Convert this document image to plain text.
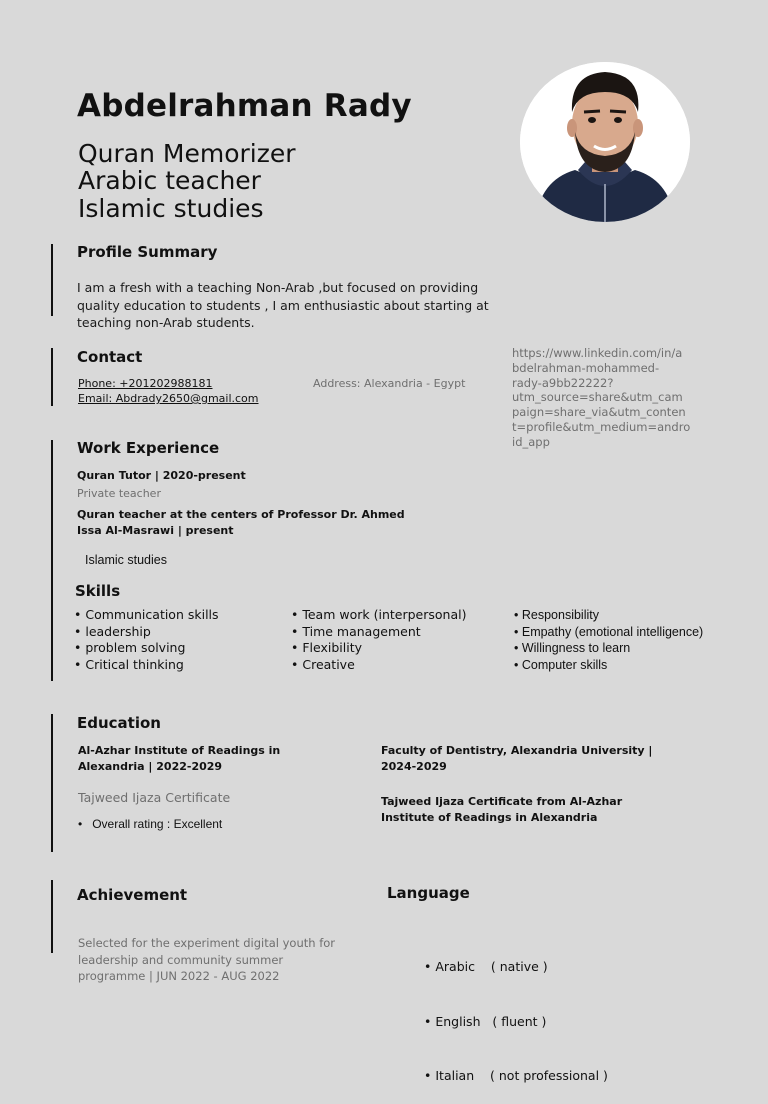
Abdelrahman Rady
Quran Memorizer
Arabic teacher
Islamic studies
Profile Summary
I am a fresh with a teaching Non-Arab ,but focused on providing
quality education to students , I am enthusiastic about starting at
teaching non-Arab students.
Contact
Phone: +201202988181
Email: Abdrady2650@gmail.com
Address: Alexandria - Egypt
https://www.linkedin.com/in/a
bdelrahman-mohammed-
rady-a9bb22222?
utm_source=share&utm_cam
paign=share_via&utm_conten
t=profile&utm_medium=andro
id_app
Work Experience
Quran Tutor | 2020-present
Private teacher
Quran teacher at the centers of Professor Dr. Ahmed
Issa Al-Masrawi | present
Islamic studies
Skills
• Communication skills
• leadership
• problem solving
• Critical thinking
• Team work (interpersonal)
• Time management
• Flexibility
• Creative
• Responsibility
• Empathy (emotional intelligence)
• Willingness to learn
• Computer skills
Education
Al-Azhar Institute of Readings in
Alexandria | 2022-2029
Tajweed Ijaza Certificate
•   Overall rating : Excellent
Faculty of Dentistry, Alexandria University |
2024-2029
Tajweed Ijaza Certificate from Al-Azhar
Institute of Readings in Alexandria
Achievement
Selected for the experiment digital youth for
leadership and community summer
programme | JUN 2022 - AUG 2022
Language

• Arabic    ( native )

• English   ( fluent )

• Italian    ( not professional )
